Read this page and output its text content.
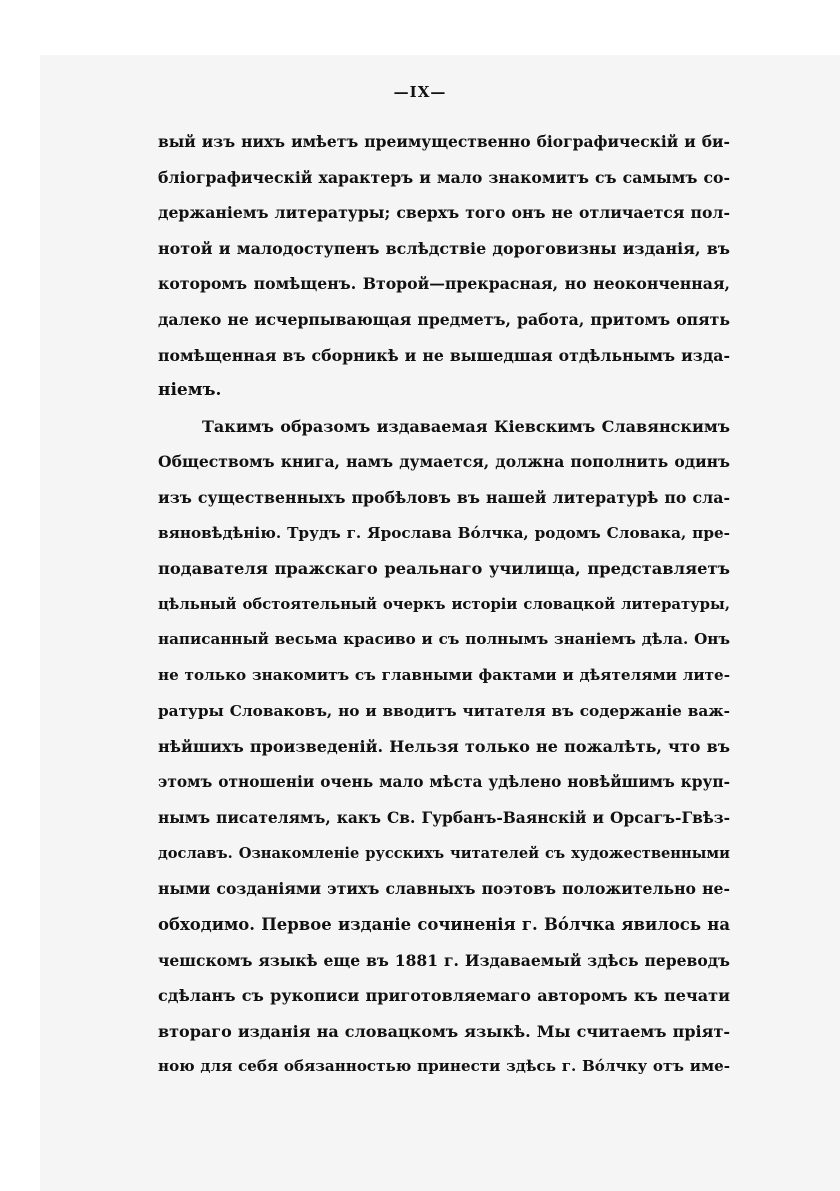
—IX—
вый изъ нихъ имѣетъ преимущественно біографическій и би-
бліографическій характеръ и мало знакомитъ съ самымъ со-
держаніемъ литературы; сверхъ того онъ не отличается пол-
нотой и малодоступенъ вслѣдствіе дороговизны изданія, въ
которомъ помѣщенъ. Второй—прекрасная, но неоконченная,
далеко не исчерпывающая предметъ, работа, притомъ опять
помѣщенная въ сборникѣ и не вышедшая отдѣльнымъ изда-
ніемъ.
Такимъ образомъ издаваемая Кіевскимъ Славянскимъ
Обществомъ книга, намъ думается, должна пополнить одинъ
изъ существенныхъ пробѣловъ въ нашей литературѣ по сла-
вяновѣдѣнію. Трудъ г. Ярослава Вóлчка, родомъ Словака, пре-
подавателя пражскаго реальнаго училища, представляетъ
цѣльный обстоятельный очеркъ исторіи словацкой литературы,
написанный весьма красиво и съ полнымъ знаніемъ дѣла. Онъ
не только знакомитъ съ главными фактами и дѣятелями лите-
ратуры Словаковъ, но и вводитъ читателя въ содержаніе важ-
нѣйшихъ произведеній. Нельзя только не пожалѣть, что въ
этомъ отношеніи очень мало мѣста удѣлено новѣйшимъ круп-
нымъ писателямъ, какъ Св. Гурбанъ-Ваянскій и Орсагъ-Гвѣз-
дославъ. Ознакомленіе русскихъ читателей съ художественными
ными созданіями этихъ славныхъ поэтовъ положительно не-
обходимо. Первое изданіе сочиненія г. Вóлчка явилось на
чешскомъ языкѣ еще въ 1881 г. Издаваемый здѣсь переводъ
сдѣланъ съ рукописи приготовляемаго авторомъ къ печати
втораго изданія на словацкомъ языкѣ. Мы считаемъ пріят-
ною для себя обязанностью принести здѣсь г. Вóлчку отъ име-
